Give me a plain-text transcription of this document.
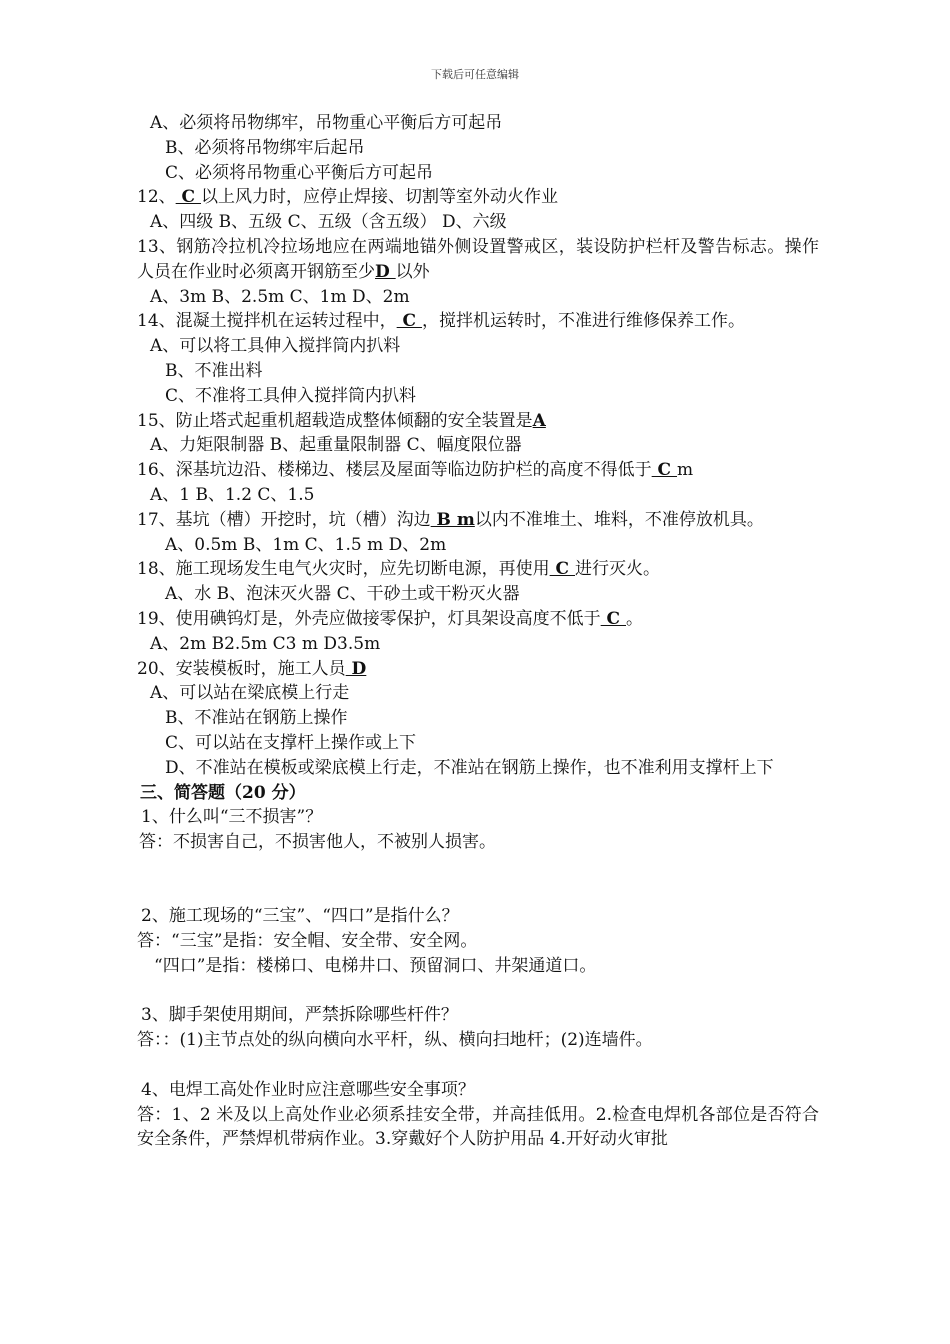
下载后可任意编辑
A、必须将吊物绑牢，吊物重心平衡后方可起吊
B、必须将吊物绑牢后起吊
C、必须将吊物重心平衡后方可起吊
12、 C 以上风力时，应停止焊接、切割等室外动火作业
A、四级 B、五级 C、五级（含五级） D、六级
13、钢筋冷拉机冷拉场地应在两端地锚外侧设置警戒区，装设防护栏杆及警告标志。操作人员在作业时必须离开钢筋至少D 以外
A、3m B、2.5m C、1m D、2m
14、混凝土搅拌机在运转过程中， C ，搅拌机运转时，不准进行维修保养工作。
A、可以将工具伸入搅拌筒内扒料
B、不准出料
C、不准将工具伸入搅拌筒内扒料
15、防止塔式起重机超载造成整体倾翻的安全装置是A
A、力矩限制器 B、起重量限制器 C、幅度限位器
16、深基坑边沿、楼梯边、楼层及屋面等临边防护栏的高度不得低于 C m
A、1 B、1.2 C、1.5
17、基坑（槽）开挖时，坑（槽）沟边 B m以内不准堆土、堆料，不准停放机具。
A、0.5m B、1m C、1.5 m D、2m
18、施工现场发生电气火灾时，应先切断电源，再使用 C 进行灭火。
A、水 B、泡沫灭火器 C、干砂土或干粉灭火器
19、使用碘钨灯是，外壳应做接零保护，灯具架设高度不低于 C 。
A、2m B2.5m C3 m D3.5m
20、安装模板时，施工人员 D
A、可以站在梁底模上行走
B、不准站在钢筋上操作
C、可以站在支撑杆上操作或上下
D、不准站在模板或梁底模上行走，不准站在钢筋上操作，也不准利用支撑杆上下
三、简答题（20 分）
1、什么叫“三不损害”？
答：不损害自己，不损害他人，不被别人损害。
2、施工现场的“三宝”、“四口”是指什么？
答：“三宝”是指：安全帽、安全带、安全网。
“四口”是指：楼梯口、电梯井口、预留洞口、井架通道口。
3、脚手架使用期间，严禁拆除哪些杆件？
答：：(1)主节点处的纵向横向水平杆，纵、横向扫地杆；(2)连墙件。
4、电焊工高处作业时应注意哪些安全事项？
答：1、2 米及以上高处作业必须系挂安全带，并高挂低用。2.检查电焊机各部位是否符合安全条件，严禁焊机带病作业。3.穿戴好个人防护用品 4.开好动火审批
